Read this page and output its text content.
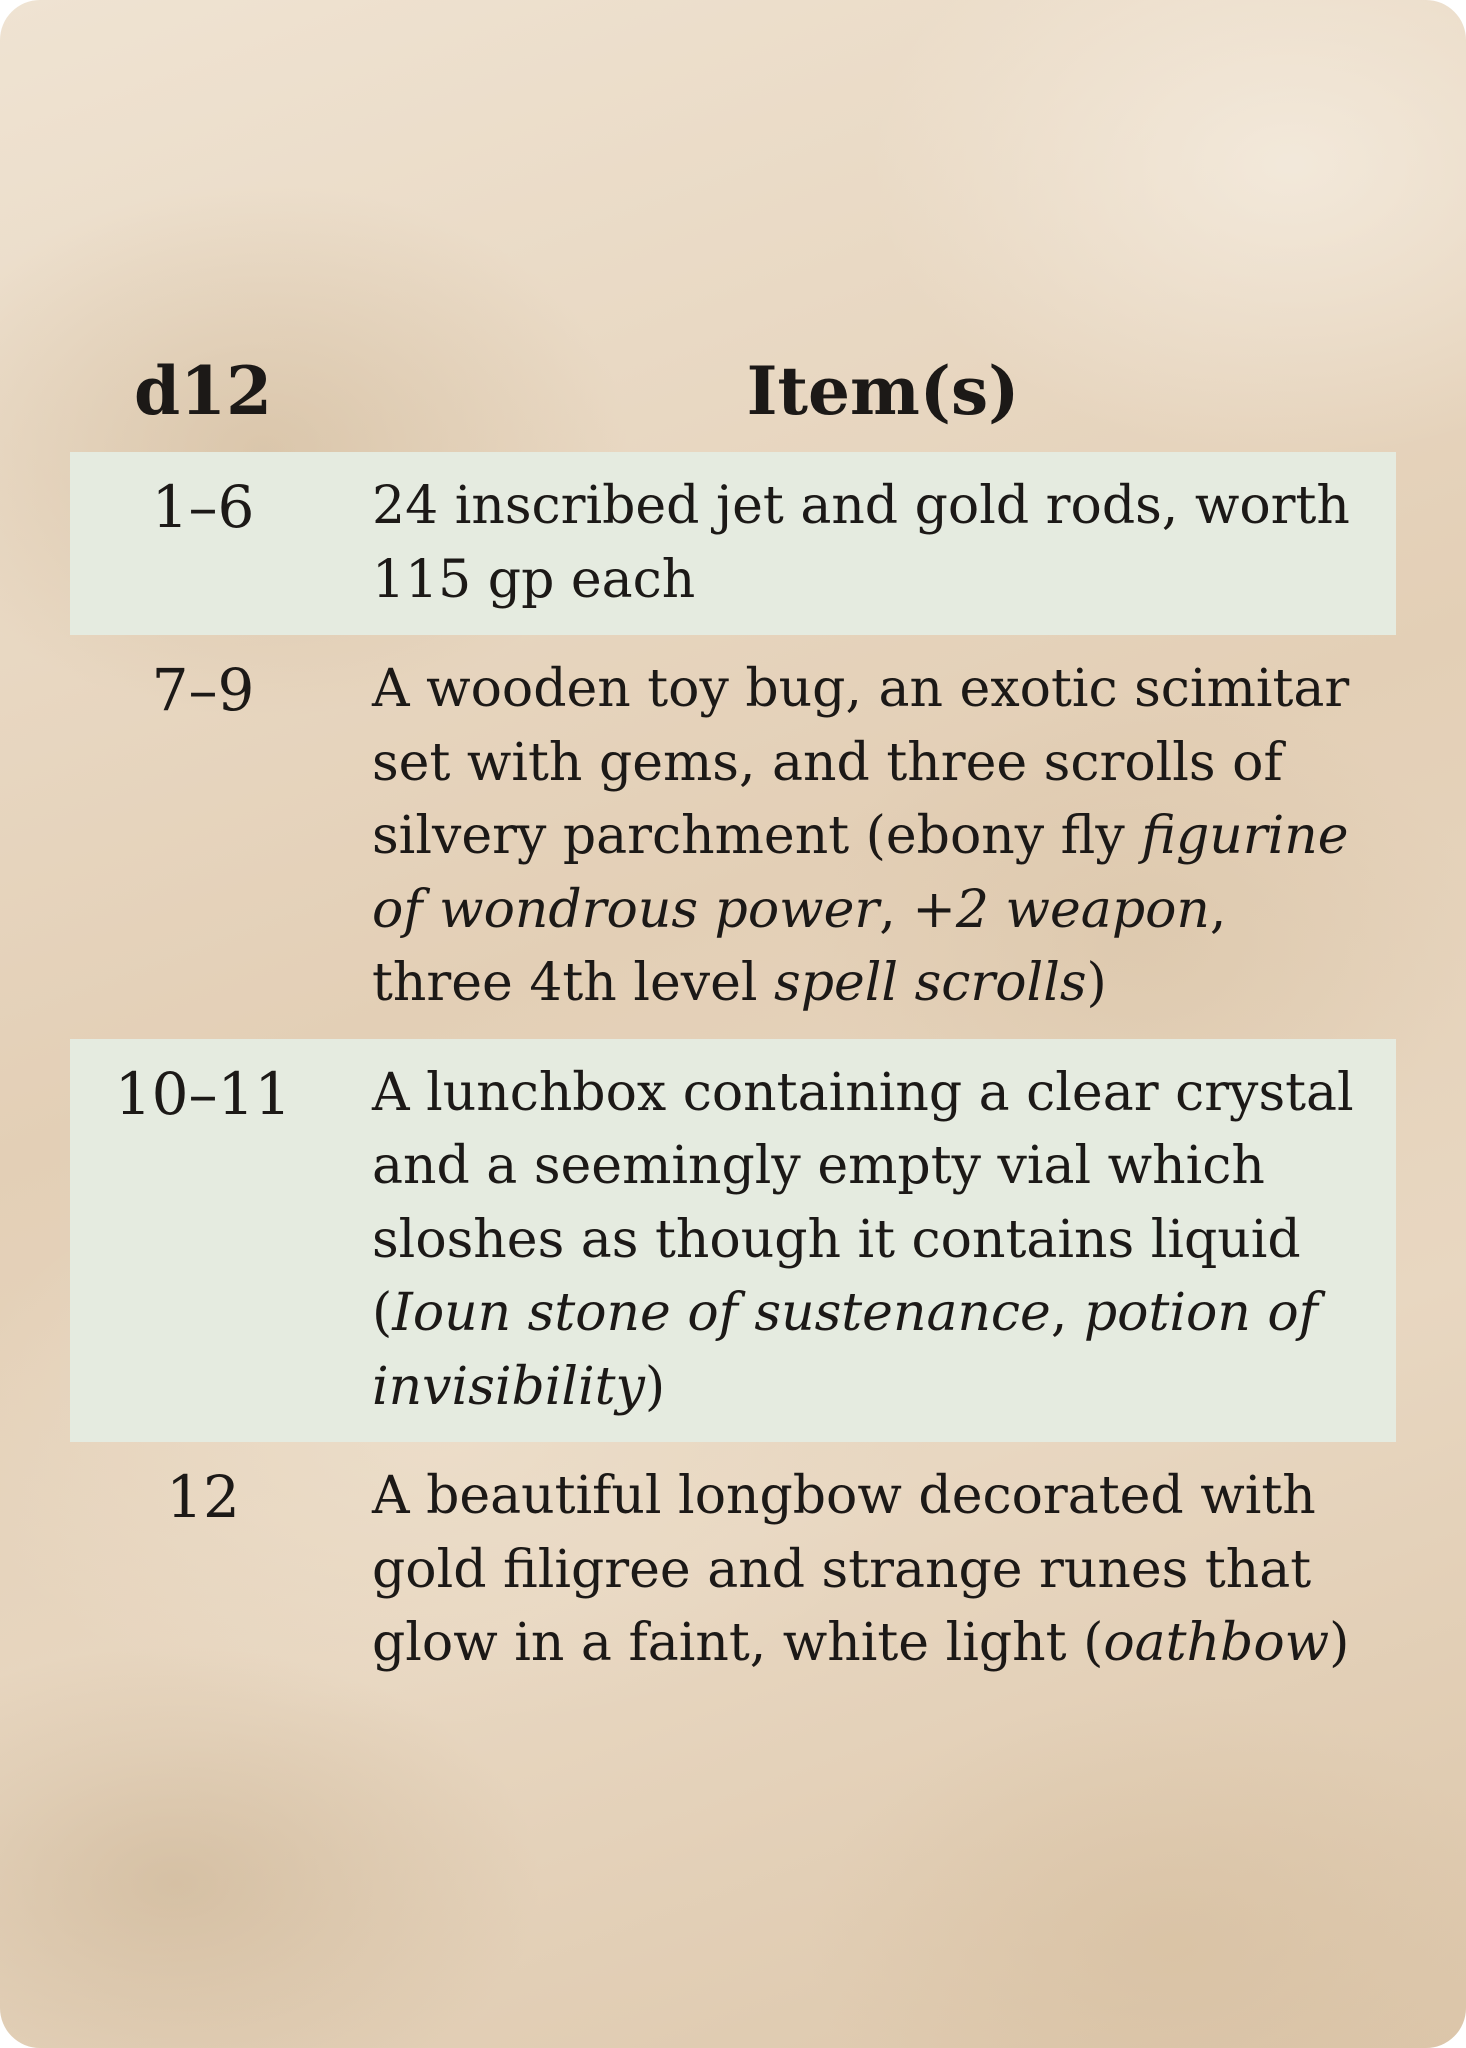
d12	Item(s)
1–6	24 inscribed jet and gold rods, worth 115 gp each
7–9	A wooden toy bug, an exotic scimitar set with gems, and three scrolls of silvery parchment (ebony fly figurine of wondrous power, +2 weapon, three 4th level spell scrolls)
10–11	A lunchbox containing a clear crystal and a seemingly empty vial which sloshes as though it contains liquid (Ioun stone of sustenance, potion of invisibility)
12	A beautiful longbow decorated with gold filigree and strange runes that glow in a faint, white light (oathbow)
